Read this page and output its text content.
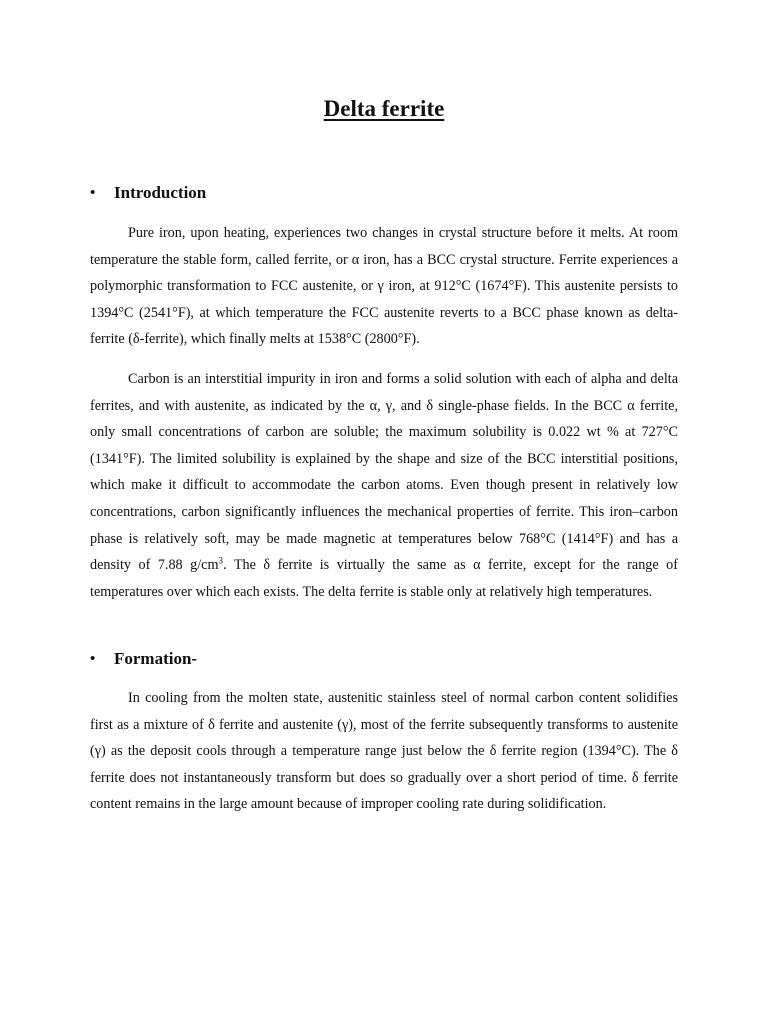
Delta ferrite
•	Introduction

Pure iron, upon heating, experiences two changes in crystal structure before it melts. At room temperature the stable form, called ferrite, or α iron, has a BCC crystal structure. Ferrite experiences a polymorphic transformation to FCC austenite, or γ iron, at 912°C (1674°F). This austenite persists to 1394°C (2541°F), at which temperature the FCC austenite reverts to a BCC phase known as delta-ferrite (δ-ferrite), which finally melts at 1538°C (2800°F).

Carbon is an interstitial impurity in iron and forms a solid solution with each of alpha and delta ferrites, and with austenite, as indicated by the α, γ, and δ single-phase fields. In the BCC α ferrite, only small concentrations of carbon are soluble; the maximum solubility is 0.022 wt % at 727°C (1341°F). The limited solubility is explained by the shape and size of the BCC interstitial positions, which make it difficult to accommodate the carbon atoms. Even though present in relatively low concentrations, carbon significantly influences the mechanical properties of ferrite. This iron–carbon phase is relatively soft, may be made magnetic at temperatures below 768°C (1414°F) and has a density of 7.88 $g/cm^3$. The δ ferrite is virtually the same as α ferrite, except for the range of temperatures over which each exists. The delta ferrite is stable only at relatively high temperatures.

•	Formation-

In cooling from the molten state, austenitic stainless steel of normal carbon content solidifies first as a mixture of δ ferrite and austenite (γ), most of the ferrite subsequently transforms to austenite (γ) as the deposit cools through a temperature range just below the δ ferrite region (1394°C). The δ ferrite does not instantaneously transform but does so gradually over a short period of time. δ ferrite content remains in the large amount because of improper cooling rate during solidification.
